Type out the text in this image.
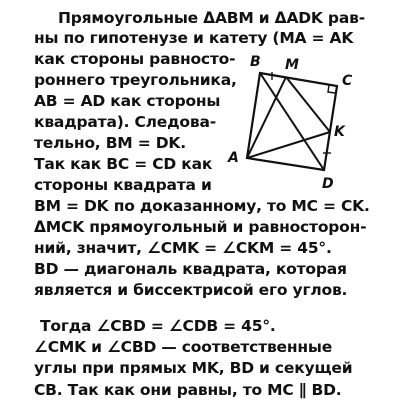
Прямоугольные ΔABM и ΔADK рав-
ны по гипотенузе и катету (MA = AK
как стороны равносто-
роннего треугольника,
AB = AD как стороны
квадрата). Следова-
тельно, BM = DK.
Так как BC = CD как
стороны квадрата и
BM = DK по доказанному, то MC = CK.
ΔMCK прямоугольный и равносторон-
ний, значит, ∠CMK = ∠CKM = 45°.
BD — диагональ квадрата, которая
является и биссектрисой его углов.
Тогда ∠CBD = ∠CDB = 45°.
∠CMK и ∠CBD — соответственные
углы при прямых MK, BD и секущей
CB. Так как они равны, то MC ∥ BD.
B M
C
A
K
D
